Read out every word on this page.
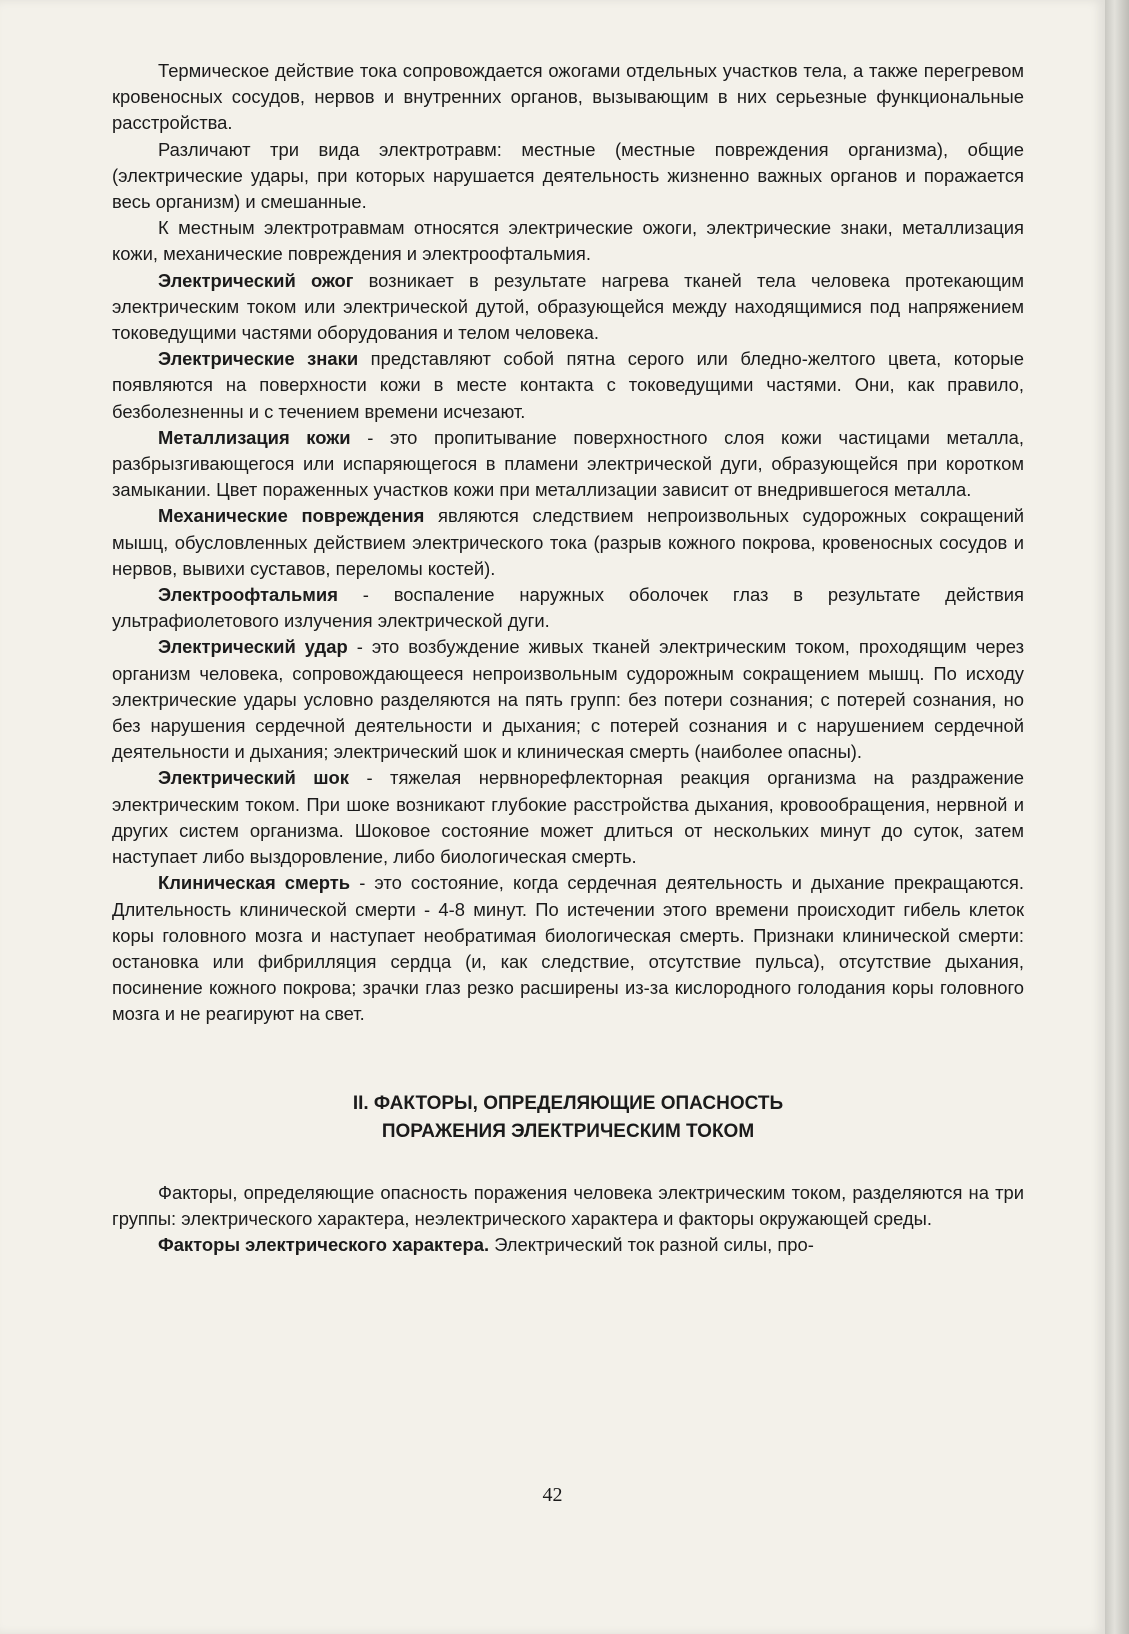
Термическое действие тока сопровождается ожогами отдельных участков тела, а также перегревом кровеносных сосудов, нервов и внутренних органов, вызывающим в них серьезные функциональные расстройства.

Различают три вида электротравм: местные (местные повреждения организма), общие (электрические удары, при которых нарушается деятельность жизненно важных органов и поражается весь организм) и смешанные.

К местным электротравмам относятся электрические ожоги, электрические знаки, металлизация кожи, механические повреждения и электроофтальмия.

Электрический ожог возникает в результате нагрева тканей тела человека протекающим электрическим током или электрической дутой, образующейся между находящимися под напряжением токоведущими частями оборудования и телом человека.

Электрические знаки представляют собой пятна серого или бледно-желтого цвета, которые появляются на поверхности кожи в месте контакта с токоведущими частями. Они, как правило, безболезненны и с течением времени исчезают.

Металлизация кожи - это пропитывание поверхностного слоя кожи частицами металла, разбрызгивающегося или испаряющегося в пламени электрической дуги, образующейся при коротком замыкании. Цвет пораженных участков кожи при металлизации зависит от внедрившегося металла.

Механические повреждения являются следствием непроизвольных судорожных сокращений мышц, обусловленных действием электрического тока (разрыв кожного покрова, кровеносных сосудов и нервов, вывихи суставов, переломы костей).

Электроофтальмия - воспаление наружных оболочек глаз в результате действия ультрафиолетового излучения электрической дуги.

Электрический удар - это возбуждение живых тканей электрическим током, проходящим через организм человека, сопровождающееся непроизвольным судорожным сокращением мышц. По исходу электрические удары условно разделяются на пять групп: без потери сознания; с потерей сознания, но без нарушения сердечной деятельности и дыхания; с потерей сознания и с нарушением сердечной деятельности и дыхания; электрический шок и клиническая смерть (наиболее опасны).

Электрический шок - тяжелая нервнорефлекторная реакция организма на раздражение электрическим током. При шоке возникают глубокие расстройства дыхания, кровообращения, нервной и других систем организма. Шоковое состояние может длиться от нескольких минут до суток, затем наступает либо выздоровление, либо биологическая смерть.

Клиническая смерть - это состояние, когда сердечная деятельность и дыхание прекращаются. Длительность клинической смерти - 4-8 минут. По истечении этого времени происходит гибель клеток коры головного мозга и наступает необратимая биологическая смерть. Признаки клинической смерти: остановка или фибрилляция сердца (и, как следствие, отсутствие пульса), отсутствие дыхания, посинение кожного покрова; зрачки глаз резко расширены из-за кислородного голодания коры головного мозга и не реагируют на свет.

II. ФАКТОРЫ, ОПРЕДЕЛЯЮЩИЕ ОПАСНОСТЬ
ПОРАЖЕНИЯ ЭЛЕКТРИЧЕСКИМ ТОКОМ

Факторы, определяющие опасность поражения человека электрическим током, разделяются на три группы: электрического характера, неэлектрического характера и факторы окружающей среды.

Факторы электрического характера. Электрический ток разной силы, про-

42
